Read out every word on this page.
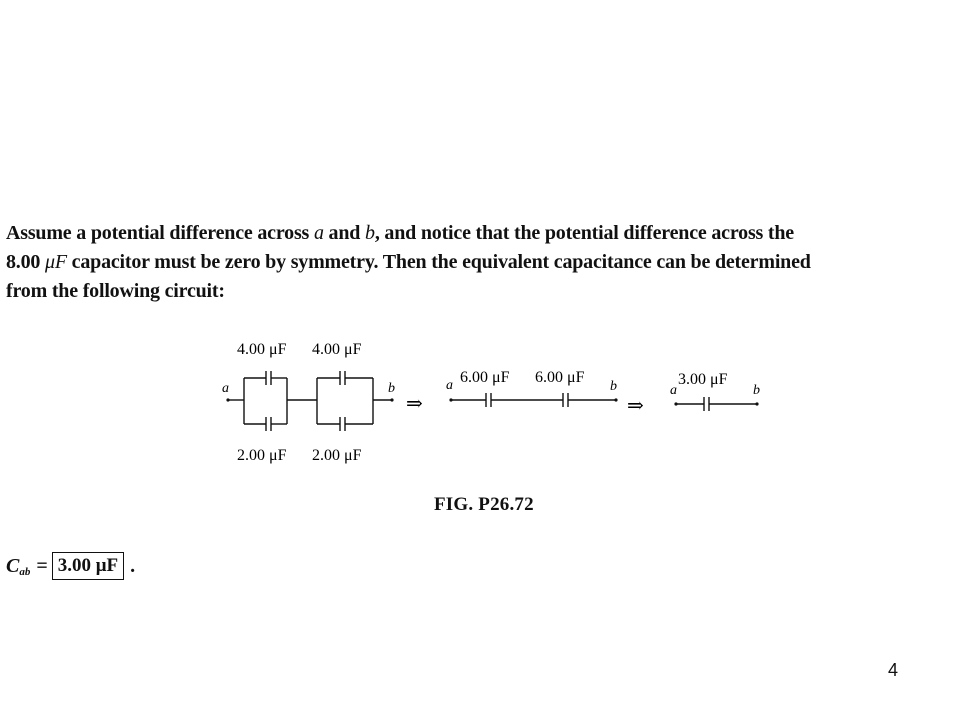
Assume a potential difference across a and b, and notice that the potential difference across the
8.00 μF capacitor must be zero by symmetry. Then the equivalent capacitance can be determined
from the following circuit:
4.00 μF 4.00 μF
2.00 μF 2.00 μF
a	b
⇒
6.00 μF 6.00 μF
a	b
⇒
3.00 μF
a	b
FIG. P26.72
C ab = 3.00 μF .
4
